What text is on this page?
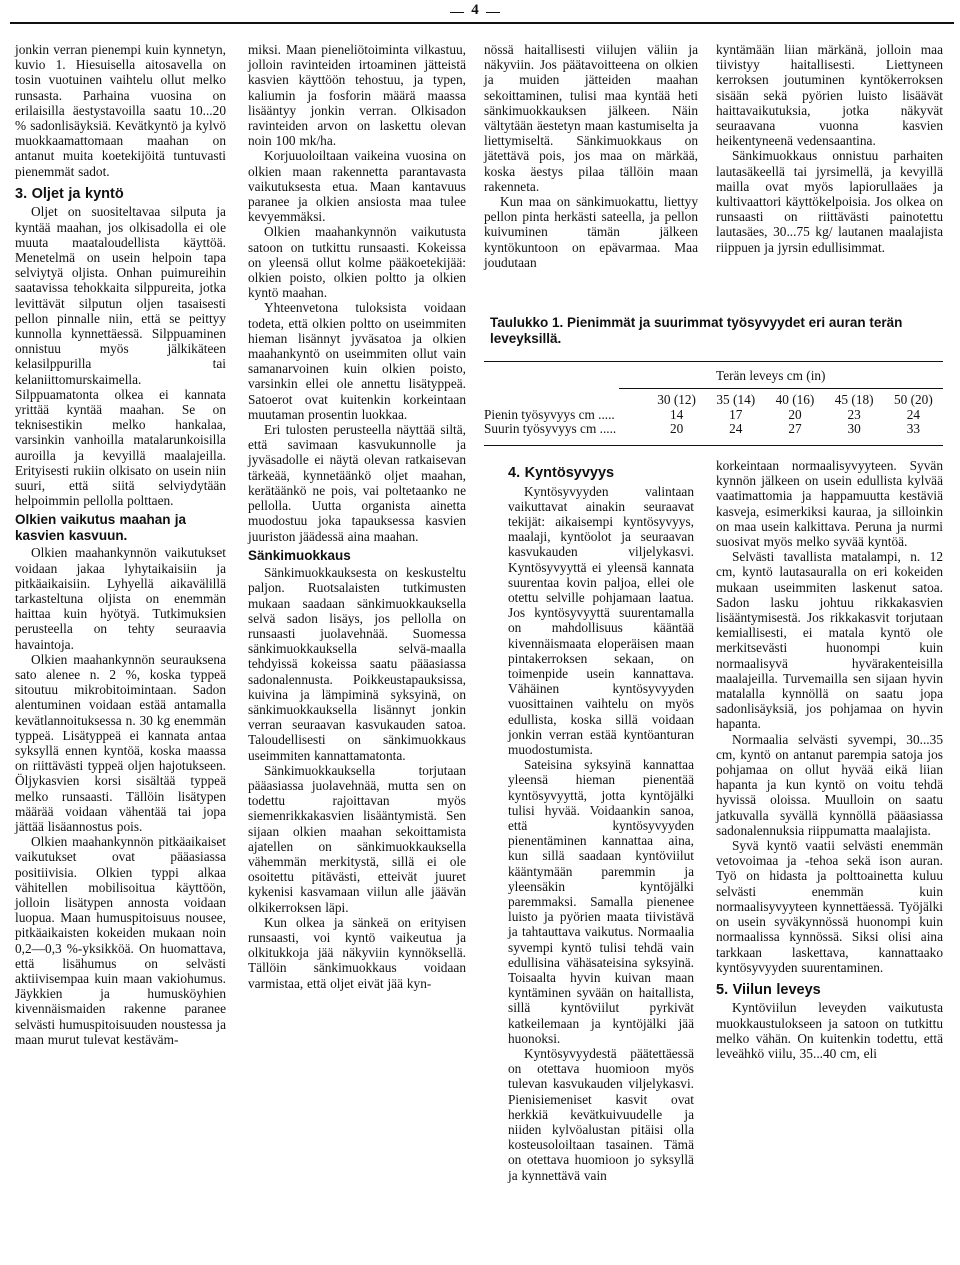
4

jonkin verran pienempi kuin kynnetyn, kuvio 1. Hiesuisella aitosavella on tosin vuotuinen vaihtelu ollut melko runsasta. Parhaina vuosina on erilaisilla äestystavoilla saatu 10...20 % sadonlisäyksiä. Kevätkyntö ja kylvö muokkaamattomaan maahan on antanut muita koetekijöitä tuntuvasti pienemmät sadot.

3. Oljet ja kyntö

Oljet on suositeltavaa silputa ja kyntää maahan, jos olkisadolla ei ole muuta maataloudellista käyttöä. Menetelmä on usein helpoin tapa selviytyä oljista. Onhan puimureihin saatavissa tehokkaita silppureita, jotka levittävät silputun oljen tasaisesti pellon pinnalle niin, että se peittyy kunnolla kynnettäessä. Silppuaminen onnistuu myös jälkikäteen kelasilppurilla tai kelaniittomurskaimella. Silppuamatonta olkea ei kannata yrittää kyntää maahan. Se on teknisestikin melko hankalaa, varsinkin vanhoilla matalarunkoisilla auroilla ja kevyillä maalajeilla. Erityisesti rukiin olkisato on usein niin suuri, että siitä selviydytään helpoimmin pellolla polttaen.

Olkien vaikutus maahan ja kasvien kasvuun.

Olkien maahankynnön vaikutukset voidaan jakaa lyhytaikaisiin ja pitkäaikaisiin. Lyhyellä aikavälillä tarkasteltuna oljista on enemmän haittaa kuin hyötyä. Tutkimuksien perusteella on tehty seuraavia havaintoja.

Olkien maahankynnön seurauksena sato alenee n. 2 %, koska typpeä sitoutuu mikrobitoimintaan. Sadon alentuminen voidaan estää antamalla kevätlannoituksessa n. 30 kg enemmän typpeä. Lisätyppeä ei kannata antaa syksyllä ennen kyntöä, koska maassa on riittävästi typpeä oljen hajotukseen. Öljykasvien korsi sisältää typpeä melko runsaasti. Tällöin lisätypen määrää voidaan vähentää tai jopa jättää lisäannostus pois.

Olkien maahankynnön pitkäaikaiset vaikutukset ovat pääasiassa positiivisia. Olkien typpi alkaa vähitellen mobilisoitua käyttöön, jolloin lisätypen annosta voidaan luopua. Maan humuspitoisuus nousee, pitkäaikaisten kokeiden mukaan noin 0,2—0,3 %-yksikköä. On huomattava, että lisähumus on selvästi aktiivisempaa kuin maan vakiohumus. Jäykkien ja humusköyhien kivennäismaiden rakenne paranee selvästi humuspitoisuuden noustessa ja maan murut tulevat kestäväm-

miksi. Maan pieneliötoiminta vilkastuu, jolloin ravinteiden irtoaminen jätteistä kasvien käyttöön tehostuu, ja typen, kaliumin ja fosforin määrä maassa lisääntyy jonkin verran. Olkisadon ravinteiden arvon on laskettu olevan noin 100 mk/ha.

Korjuuoloiltaan vaikeina vuosina on olkien maan rakennetta parantavasta vaikutuksesta etua. Maan kantavuus paranee ja olkien ansiosta maa tulee kevyemmäksi.

Olkien maahankynnön vaikutusta satoon on tutkittu runsaasti. Kokeissa on yleensä ollut kolme pääkoetekijää: olkien poisto, olkien poltto ja olkien kyntö maahan.

Yhteenvetona tuloksista voidaan todeta, että olkien poltto on useimmiten hieman lisännyt jyväsatoa ja olkien maahankyntö on useimmiten ollut vain samanarvoinen kuin olkien poisto, varsinkin ellei ole annettu lisätyppeä. Satoerot ovat kuitenkin korkeintaan muutaman prosentin luokkaa.

Eri tulosten perusteella näyttää siltä, että savimaan kasvukunnolle ja jyväsadolle ei näytä olevan ratkaisevan tärkeää, kynnetäänkö oljet maahan, kerätäänkö ne pois, vai poltetaanko ne pellolla. Uutta organista ainetta muodostuu joka tapauksessa kasvien juuriston jäädessä aina maahan.

Sänkimuokkaus

Sänkimuokkauksesta on keskusteltu paljon. Ruotsalaisten tutkimusten mukaan saadaan sänkimuokkauksella selvä sadon lisäys, jos pellolla on runsaasti juolavehnää. Suomessa sänkimuokkauksella selvä-maalla tehdyissä kokeissa saatu pääasiassa sadonalennusta. Poikkeustapauksissa, kuivina ja lämpiminä syksyinä, on sänkimuokkauksella lisännyt jonkin verran seuraavan kasvukauden satoa. Taloudellisesti on sänkimuokkaus useimmiten kannattamatonta.

Sänkimuokkauksella torjutaan pääasiassa juolavehnää, mutta sen on todettu rajoittavan myös siemenrikkakasvien lisääntymistä. Sen sijaan olkien maahan sekoittamista ajatellen on sänkimuokkauksella vähemmän merkitystä, sillä ei ole osoitettu pitävästi, etteivät juuret kykenisi kasvamaan viilun alle jäävän olkikerroksen läpi.

Kun olkea ja sänkeä on erityisen runsaasti, voi kyntö vaikeutua ja olkitukkoja jää näkyviin kynnöksellä. Tällöin sänkimuokkaus voidaan varmistaa, että oljet eivät jää kyn-

nössä haitallisesti viilujen väliin ja näkyviin. Jos päätavoitteena on olkien ja muiden jätteiden maahan sekoittaminen, tulisi maa kyntää heti sänkimuokkauksen jälkeen. Näin vältytään äestetyn maan kastumiselta ja liettymiseltä. Sänkimuokkaus on jätettävä pois, jos maa on märkää, koska äestys pilaa tällöin maan rakenneta.

Kun maa on sänkimuokattu, liettyy pellon pinta herkästi sateella, ja pellon kuivuminen tämän jälkeen kyntökuntoon on epävarmaa. Maa joudutaan

kyntämään liian märkänä, jolloin maa tiivistyy haitallisesti. Liettyneen kerroksen joutuminen kyntökerroksen sisään sekä pyörien luisto lisäävät haittavaikutuksia, jotka näkyvät seuraavana vuonna kasvien heikentyneenä vedensaantina.

Sänkimuokkaus onnistuu parhaiten lautasäkeellä tai jyrsimellä, ja kevyillä mailla ovat myös lapiorullaäes ja kultivaattori käyttökelpoisia. Jos olkea on runsaasti on riittävästi painotettu lautasäes, 30...75 kg/ lautanen maalajista riippuen ja jyrsin edullisimmat.

Taulukko 1. Pienimmät ja suurimmat työsyvyydet eri auran terän leveyksillä.
Terän leveys cm (in)
	30 (12)	35 (14)	40 (16)	45 (18)	50 (20)
Pienin työsyvyys cm .....	14	17	20	23	24
Suurin työsyvyys cm .....	20	24	27	30	33
4. Kyntösyvyys

Kyntösyvyyden valintaan vaikuttavat ainakin seuraavat tekijät: aikaisempi kyntösyvyys, maalaji, kyntöolot ja seuraavan kasvukauden viljelykasvi. Kyntösyvyyttä ei yleensä kannata suurentaa kovin paljoa, ellei ole otettu selville pohjamaan laatua. Jos kyntösyvyyttä suurentamalla on mahdollisuus kääntää kivennäismaata eloperäisen maan pintakerroksen sekaan, on toimenpide usein kannattava. Vähäinen kyntösyvyyden vuosittainen vaihtelu on myös edullista, koska sillä voidaan jonkin verran estää kyntöanturan muodostumista.

Sateisina syksyinä kannattaa yleensä hieman pienentää kyntösyvyyttä, jotta kyntöjälki tulisi hyvää. Voidaankin sanoa, että kyntösyvyyden pienentäminen kannattaa aina, kun sillä saadaan kyntöviilut kääntymään paremmin ja yleensäkin kyntöjälki paremmaksi. Samalla pienenee luisto ja pyörien maata tiivistävä ja tahtauttava vaikutus. Normaalia syvempi kyntö tulisi tehdä vain edullisina vähäsateisina syksyinä. Toisaalta hyvin kuivan maan kyntäminen syvään on haitallista, sillä kyntöviilut pyrkivät katkeilemaan ja kyntöjälki jää huonoksi.

Kyntösyvyydestä päätettäessä on otettava huomioon myös tulevan kasvukauden viljelykasvi. Pienisiemeniset kasvit ovat herkkiä kevätkuivuudelle ja niiden kylvöalustan pitäisi olla kosteusoloiltaan tasainen. Tämä on otettava huomioon jo syksyllä ja kynnettävä vain

korkeintaan normaalisyvyyteen. Syvän kynnön jälkeen on usein edullista kylvää vaatimattomia ja happamuutta kestäviä kasveja, esimerkiksi kauraa, ja silloinkin on maa usein kalkittava. Peruna ja nurmi suosivat myös melko syvää kyntöä.

Selvästi tavallista matalampi, n. 12 cm, kyntö lautasauralla on eri kokeiden mukaan useimmiten laskenut satoa. Sadon lasku johtuu rikkakasvien lisääntymisestä. Jos rikkakasvit torjutaan kemiallisesti, ei matala kyntö ole merkitsevästi huonompi kuin normaalisyvä hyvärakenteisilla maalajeilla. Turvemailla sen sijaan hyvin matalalla kynnöllä on saatu jopa sadonlisäyksiä, jos pohjamaa on hyvin hapanta.

Normaalia selvästi syvempi, 30...35 cm, kyntö on antanut parempia satoja jos pohjamaa on ollut hyvää eikä liian hapanta ja kun kyntö on voitu tehdä hyvissä oloissa. Muulloin on saatu jatkuvalla syvällä kynnöllä pääasiassa sadonalennuksia riippumatta maalajista.

Syvä kyntö vaatii selvästi enemmän vetovoimaa ja -tehoa sekä ison auran. Työ on hidasta ja polttoainetta kuluu selvästi enemmän kuin normaalisyvyyteen kynnettäessä. Työjälki on usein syväkynnössä huonompi kuin normaalissa kynnössä. Siksi olisi aina tarkkaan laskettava, kannattaako kyntösyvyyden suurentaminen.

5. Viilun leveys

Kyntöviilun leveyden vaikutusta muokkaustulokseen ja satoon on tutkittu melko vähän. On kuitenkin todettu, että leveähkö viilu, 35...40 cm, eli
